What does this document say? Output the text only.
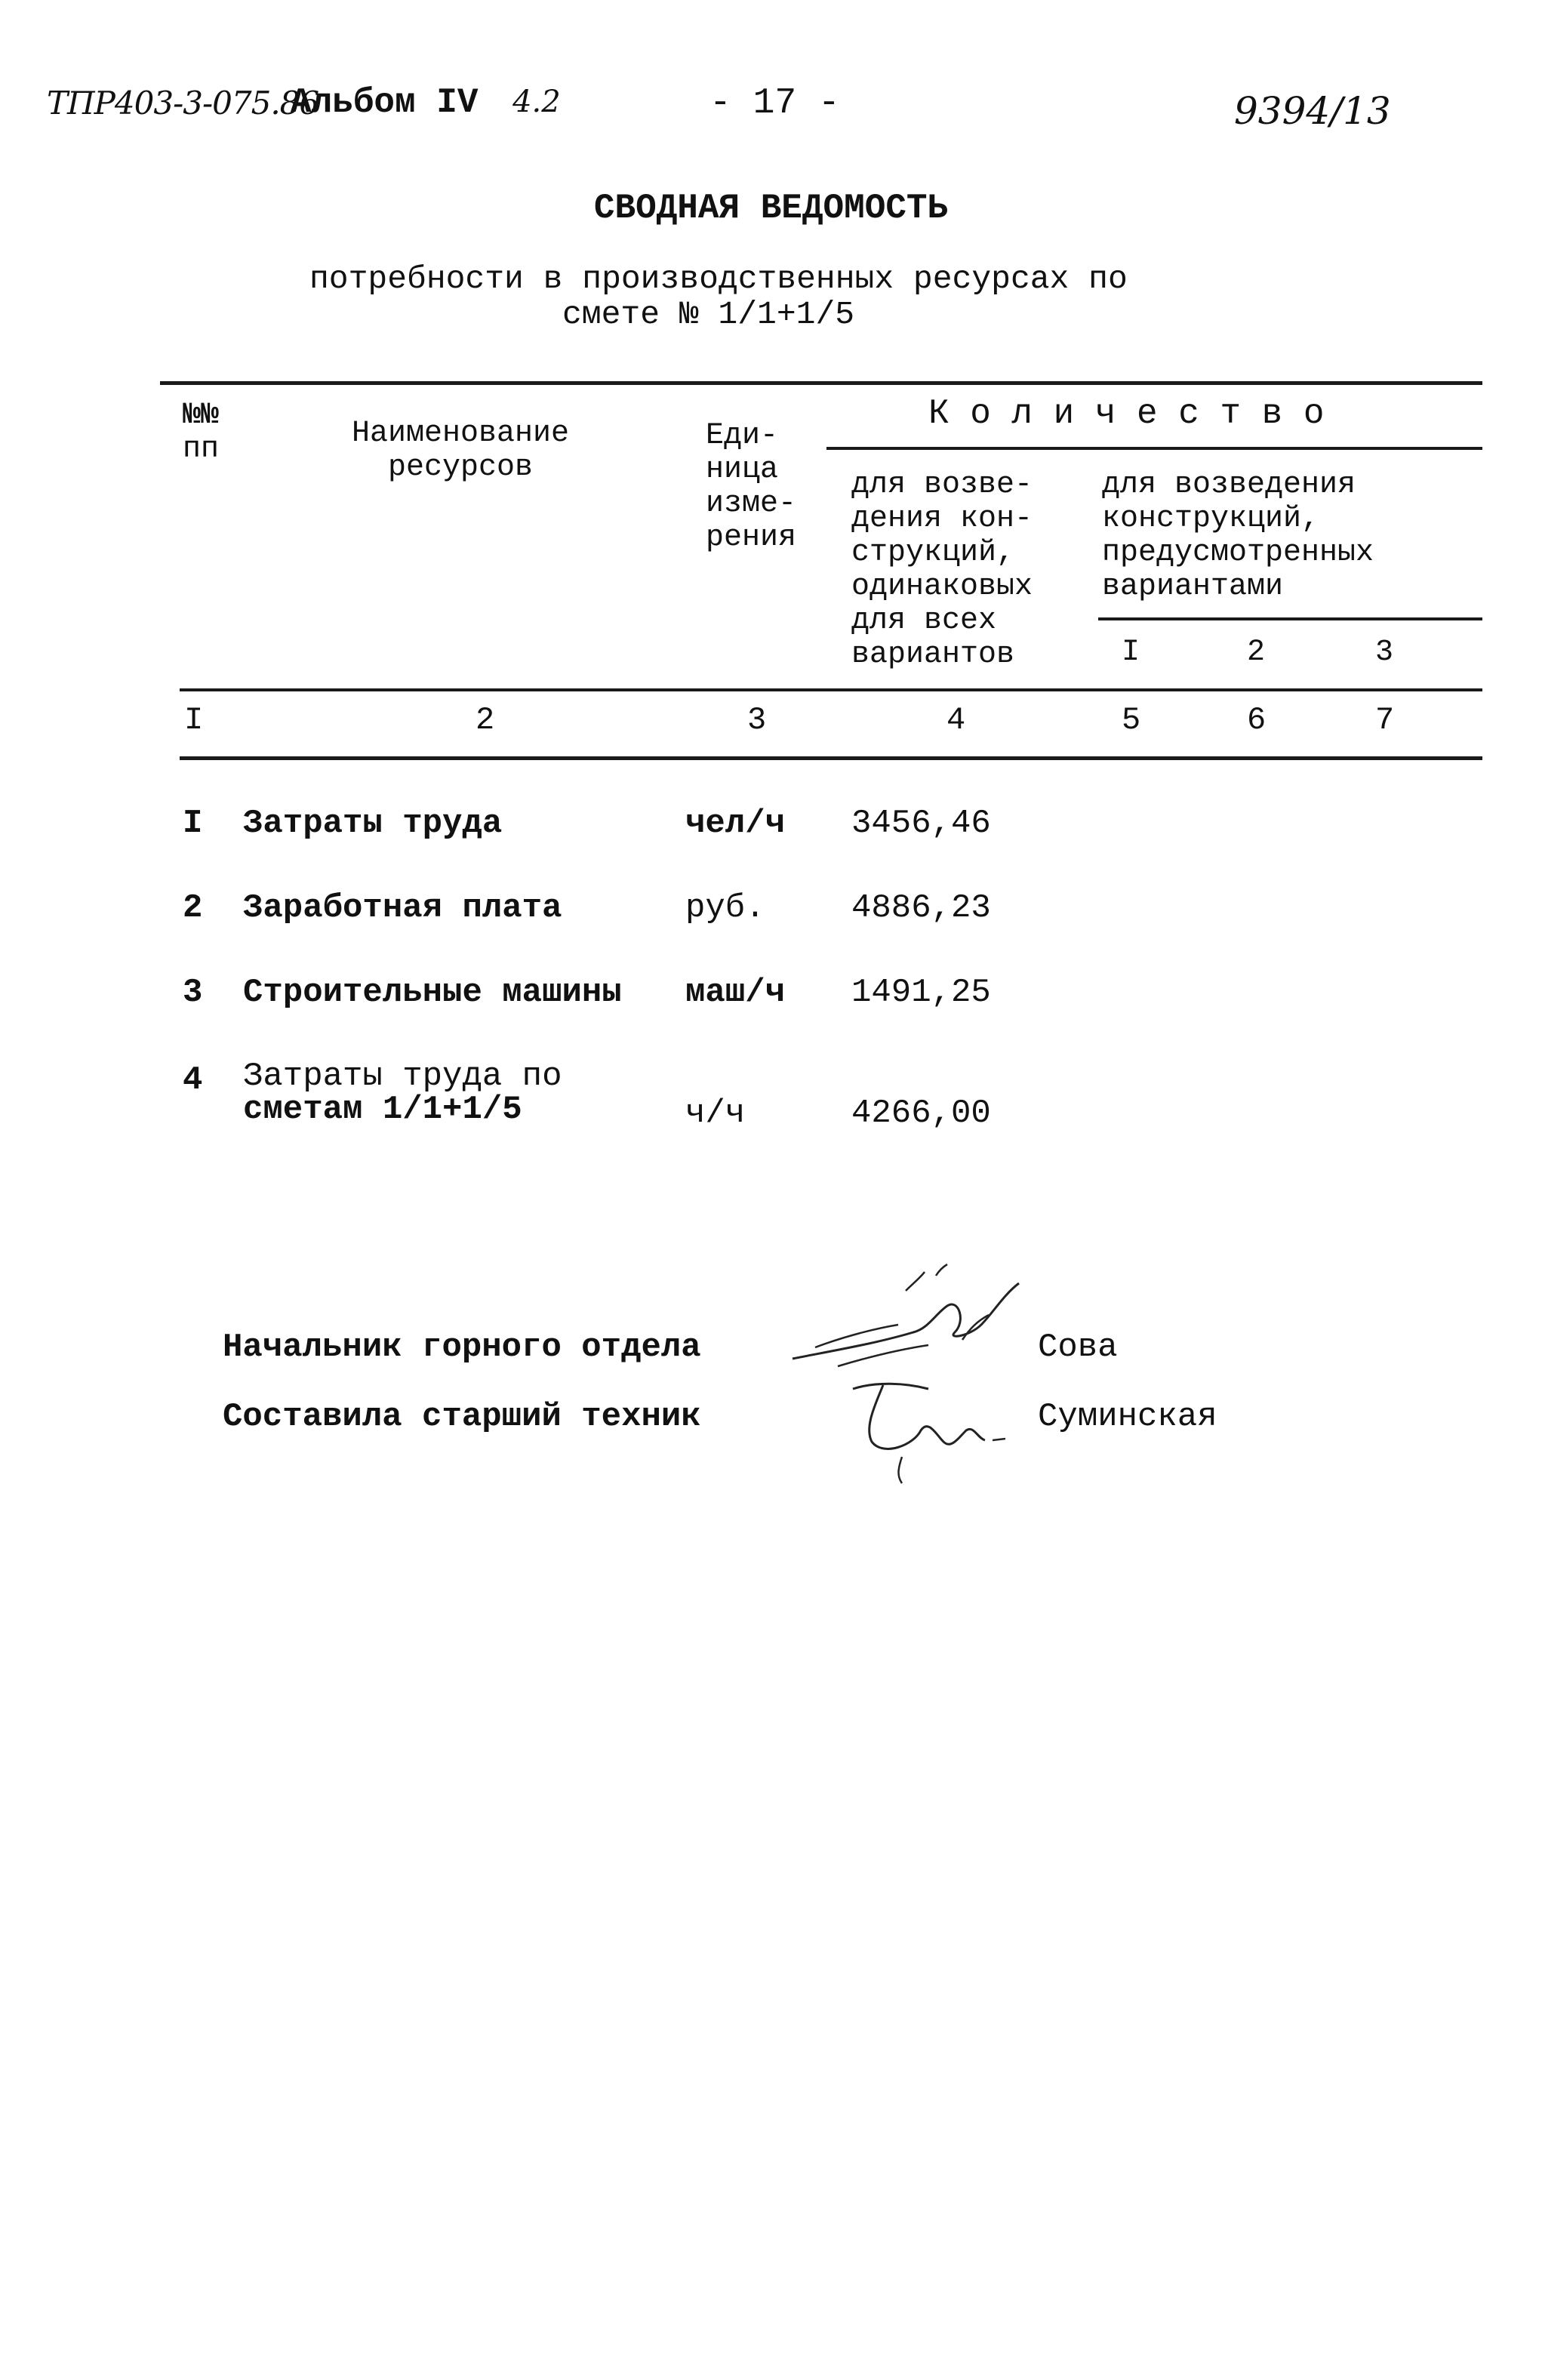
ТПР403-3-075.86
Альбом IV 4.2	- 17 -	9394/13
СВОДНАЯ ВЕДОМОСТЬ
потребности в производственных ресурсах по
смете № 1/1+1/5
№№
пп	Наименование
ресурсов
Еди-
ница
изме-
рения
К о л и ч е с т в о
для возве-
дения кон-
струкций,
одинаковых
для всех
вариантов
для возведения
конструкций,
предусмотренных
вариантами
I	2	3
I	2	3	4	5	6	7
I Затраты труда	чел/ч 3456,46
2 Заработная плата	руб.	4886,23
3 Строительные машины маш/ч 1491,25
4 Затраты труда по
сметам 1/1+1/5	ч/ч	4266,00
Начальник горного отдела	Сова
Составила старший техник	Суминская
